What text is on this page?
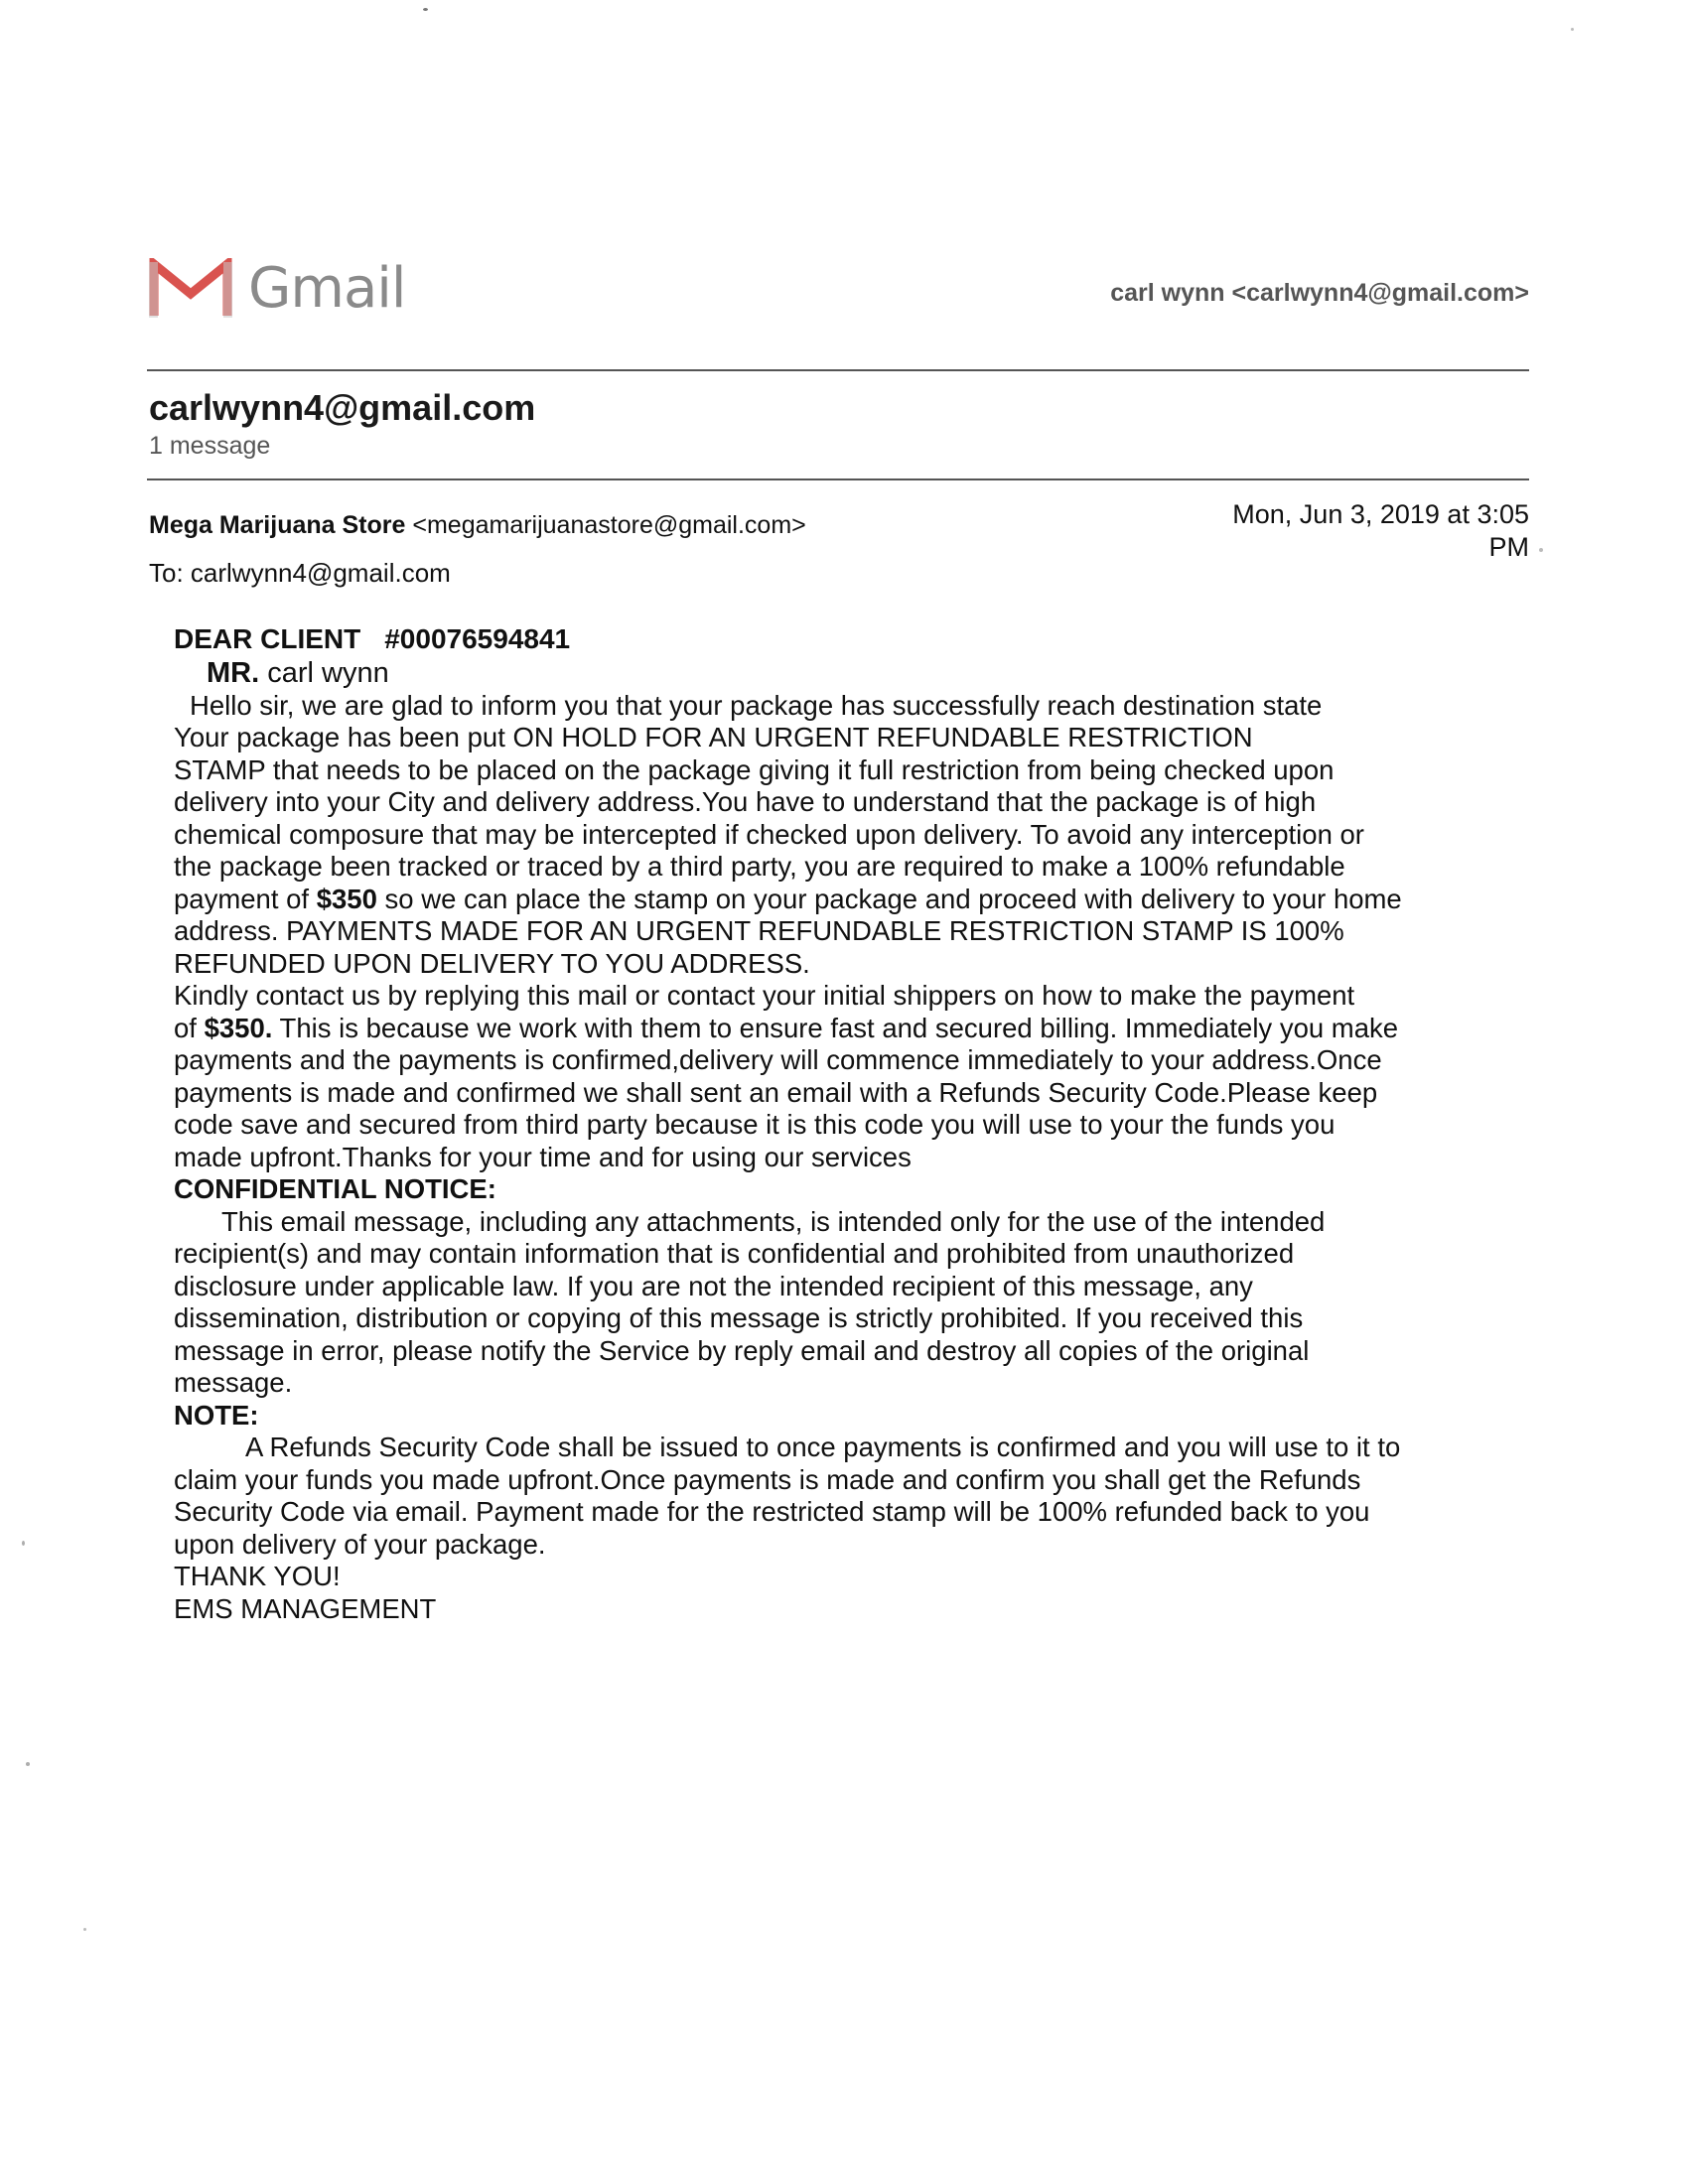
Gmail	carl wynn <carlwynn4@gmail.com>
carlwynn4@gmail.com
1 message
Mega Marijuana Store <megamarijuanastore@gmail.com>	Mon, Jun 3, 2019 at 3:05
PM
To: carlwynn4@gmail.com

DEAR CLIENT #00076594841

MR. carl wynn

Hello sir, we are glad to inform you that your package has successfully reach destination state

Your package has been put ON HOLD FOR AN URGENT REFUNDABLE RESTRICTION

STAMP that needs to be placed on the package giving it full restriction from being checked upon

delivery into your City and delivery address.You have to understand that the package is of high

chemical composure that may be intercepted if checked upon delivery. To avoid any interception or

the package been tracked or traced by a third party, you are required to make a 100% refundable

payment of $350 so we can place the stamp on your package and proceed with delivery to your home

address. PAYMENTS MADE FOR AN URGENT REFUNDABLE RESTRICTION STAMP IS 100%

REFUNDED UPON DELIVERY TO YOU ADDRESS.

Kindly contact us by replying this mail or contact your initial shippers on how to make the payment

of $350. This is because we work with them to ensure fast and secured billing. Immediately you make

payments and the payments is confirmed,delivery will commence immediately to your address.Once

payments is made and confirmed we shall sent an email with a Refunds Security Code.Please keep

code save and secured from third party because it is this code you will use to your the funds you

made upfront.Thanks for your time and for using our services

CONFIDENTIAL NOTICE:

This email message, including any attachments, is intended only for the use of the intended

recipient(s) and may contain information that is confidential and prohibited from unauthorized

disclosure under applicable law. If you are not the intended recipient of this message, any

dissemination, distribution or copying of this message is strictly prohibited. If you received this

message in error, please notify the Service by reply email and destroy all copies of the original

message.

NOTE:

A Refunds Security Code shall be issued to once payments is confirmed and you will use to it to

claim your funds you made upfront.Once payments is made and confirm you shall get the Refunds

Security Code via email. Payment made for the restricted stamp will be 100% refunded back to you

upon delivery of your package.

THANK YOU!

EMS MANAGEMENT
